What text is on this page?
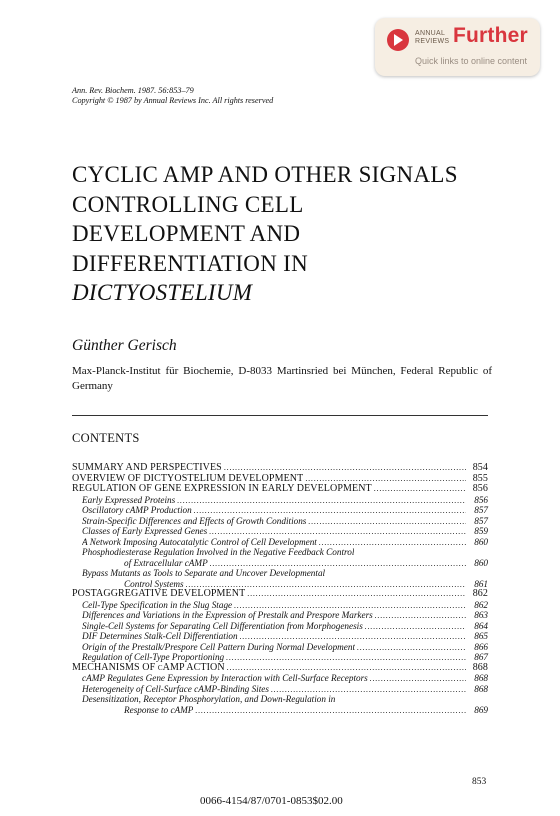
ANNUAL
REVIEWS Further
Quick links to online content
Ann. Rev. Biochem. 1987. 56:853–79
Copyright © 1987 by Annual Reviews Inc. All rights reserved
CYCLIC AMP AND OTHER SIGNALS
CONTROLLING CELL
DEVELOPMENT AND
DIFFERENTIATION IN
DICTYOSTELIUM
Günther Gerisch
Max-Planck-Institut für Biochemie, D-8033 Martinsried bei München, Federal Republic of Germany
CONTENTS
SUMMARY AND PERSPECTIVES . . .	854
OVERVIEW OF DICTYOSTELIUM DEVELOPMENT . . .	855
REGULATION OF GENE EXPRESSION IN EARLY DEVELOPMENT . . .	856
Early Expressed Proteins . . .	856
Oscillatory cAMP Production . . .	857
Strain-Specific Differences and Effects of Growth Conditions . . .	857
Classes of Early Expressed Genes . . .	859
A Network Imposing Autocatalytic Control of Cell Development . . .	860
Phosphodiesterase Regulation Involved in the Negative Feedback Control
of Extracellular cAMP . . .	860
Bypass Mutants as Tools to Separate and Uncover Developmental
Control Systems . . .	861
POSTAGGREGATIVE DEVELOPMENT . . .	862
Cell-Type Specification in the Slug Stage . . .	862
Differences and Variations in the Expression of Prestalk and Prespore Markers . . .	863
Single-Cell Systems for Separating Cell Differentiation from Morphogenesis . . .	864
DIF Determines Stalk-Cell Differentiation . . .	865
Origin of the Prestalk/Prespore Cell Pattern During Normal Development . . .	866
Regulation of Cell-Type Proportioning . . .	867
MECHANISMS OF cAMP ACTION . . .	868
cAMP Regulates Gene Expression by Interaction with Cell-Surface Receptors . . .	868
Heterogeneity of Cell-Surface cAMP-Binding Sites . . .	868
Desensitization, Receptor Phosphorylation, and Down-Regulation in
Response to cAMP . . .	869
853
0066-4154/87/0701-0853$02.00
